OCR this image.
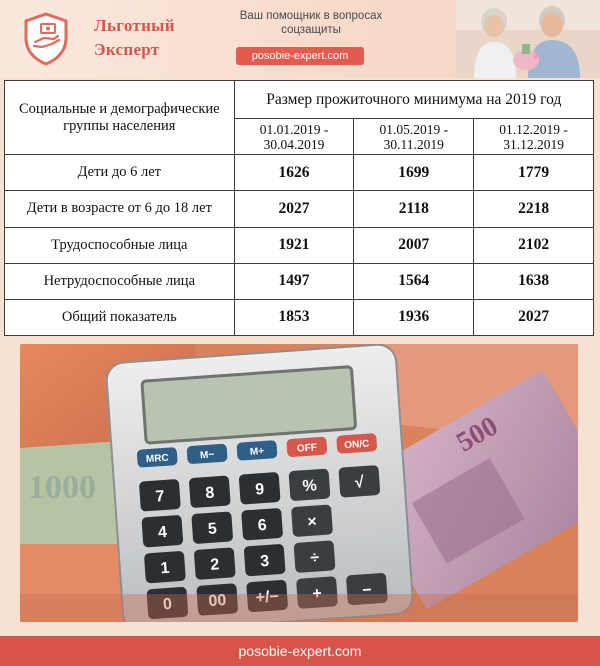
Льготный
Эксперт
Ваш помощник в вопросах
соцзащиты
posobie-expert.com
Социальные и демографические группы населения	Размер прожиточного минимума на 2019 год		
	01.01.2019 - 30.04.2019	01.05.2019 - 30.11.2019	01.12.2019 - 31.12.2019
Дети до 6 лет	1626	1699	1779
Дети в возрасте от 6 до 18 лет	2027	2118	2218
Трудоспособные лица	1921	2007	2102
Нетрудоспособные лица	1497	1564	1638
Общий показатель	1853	1936	2027
1000
500
MRC	M−	M+	OFF	ON/C
7 8 9 % √
4 5 6 ×
1 2 3 ÷
0 00 +/− + −
posobie-expert.com
